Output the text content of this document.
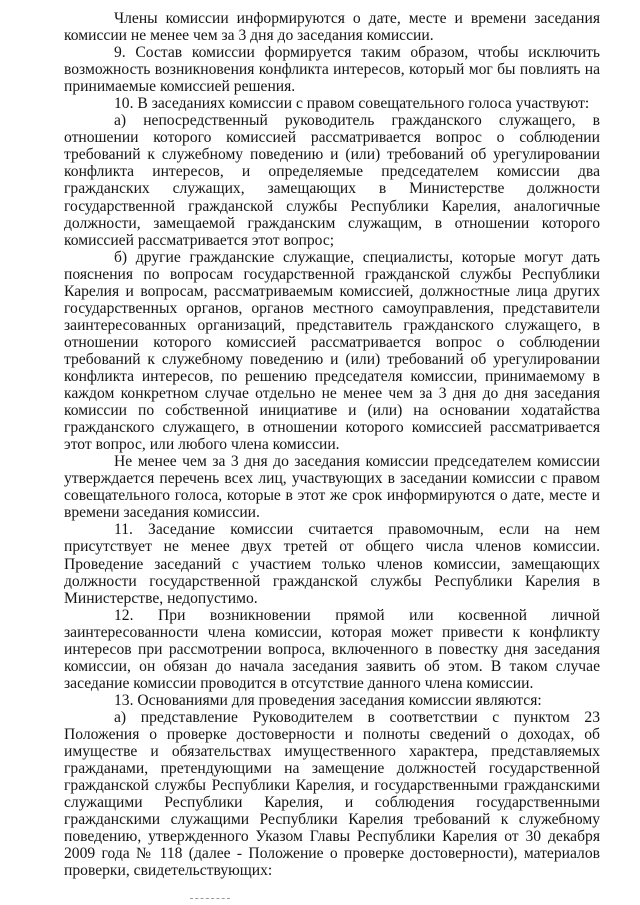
Члены комиссии информируются о дате, месте и времени заседания комиссии не менее чем за 3 дня до заседания комиссии.

9. Состав комиссии формируется таким образом, чтобы исключить возможность возникновения конфликта интересов, который мог бы повлиять на принимаемые комиссией решения.

10. В заседаниях комиссии с правом совещательного голоса участвуют:

а) непосредственный руководитель гражданского служащего, в отношении которого комиссией рассматривается вопрос о соблюдении требований к служебному поведению и (или) требований об урегулировании конфликта интересов, и определяемые председателем комиссии два гражданских служащих, замещающих в Министерстве должности государственной гражданской службы Республики Карелия, аналогичные должности, замещаемой гражданским служащим, в отношении которого комиссией рассматривается этот вопрос;

б) другие гражданские служащие, специалисты, которые могут дать пояснения по вопросам государственной гражданской службы Республики Карелия и вопросам, рассматриваемым комиссией, должностные лица других государственных органов, органов местного самоуправления, представители заинтересованных организаций, представитель гражданского служащего, в отношении которого комиссией рассматривается вопрос о соблюдении требований к служебному поведению и (или) требований об урегулировании конфликта интересов, по решению председателя комиссии, принимаемому в каждом конкретном случае отдельно не менее чем за 3 дня до дня заседания комиссии по собственной инициативе и (или) на основании ходатайства гражданского служащего, в отношении которого комиссией рассматривается этот вопрос, или любого члена комиссии.

Не менее чем за 3 дня до заседания комиссии председателем комиссии утверждается перечень всех лиц, участвующих в заседании комиссии с правом совещательного голоса, которые в этот же срок информируются о дате, месте и времени заседания комиссии.

11. Заседание комиссии считается правомочным, если на нем присутствует не менее двух третей от общего числа членов комиссии. Проведение заседаний с участием только членов комиссии, замещающих должности государственной гражданской службы Республики Карелия в Министерстве, недопустимо.

12. При возникновении прямой или косвенной личной заинтересованности члена комиссии, которая может привести к конфликту интересов при рассмотрении вопроса, включенного в повестку дня заседания комиссии, он обязан до начала заседания заявить об этом. В таком случае заседание комиссии проводится в отсутствие данного члена комиссии.

13. Основаниями для проведения заседания комиссии являются:

а) представление Руководителем в соответствии с пунктом 23 Положения о проверке достоверности и полноты сведений о доходах, об имуществе и обязательствах имущественного характера, представляемых гражданами, претендующими на замещение должностей государственной гражданской службы Республики Карелия, и государственными гражданскими служащими Республики Карелия, и соблюдения государственными гражданскими служащими Республики Карелия требований к служебному поведению, утвержденного Указом Главы Республики Карелия от 30 декабря 2009 года № 118 (далее - Положение о проверке достоверности), материалов проверки, свидетельствующих:
